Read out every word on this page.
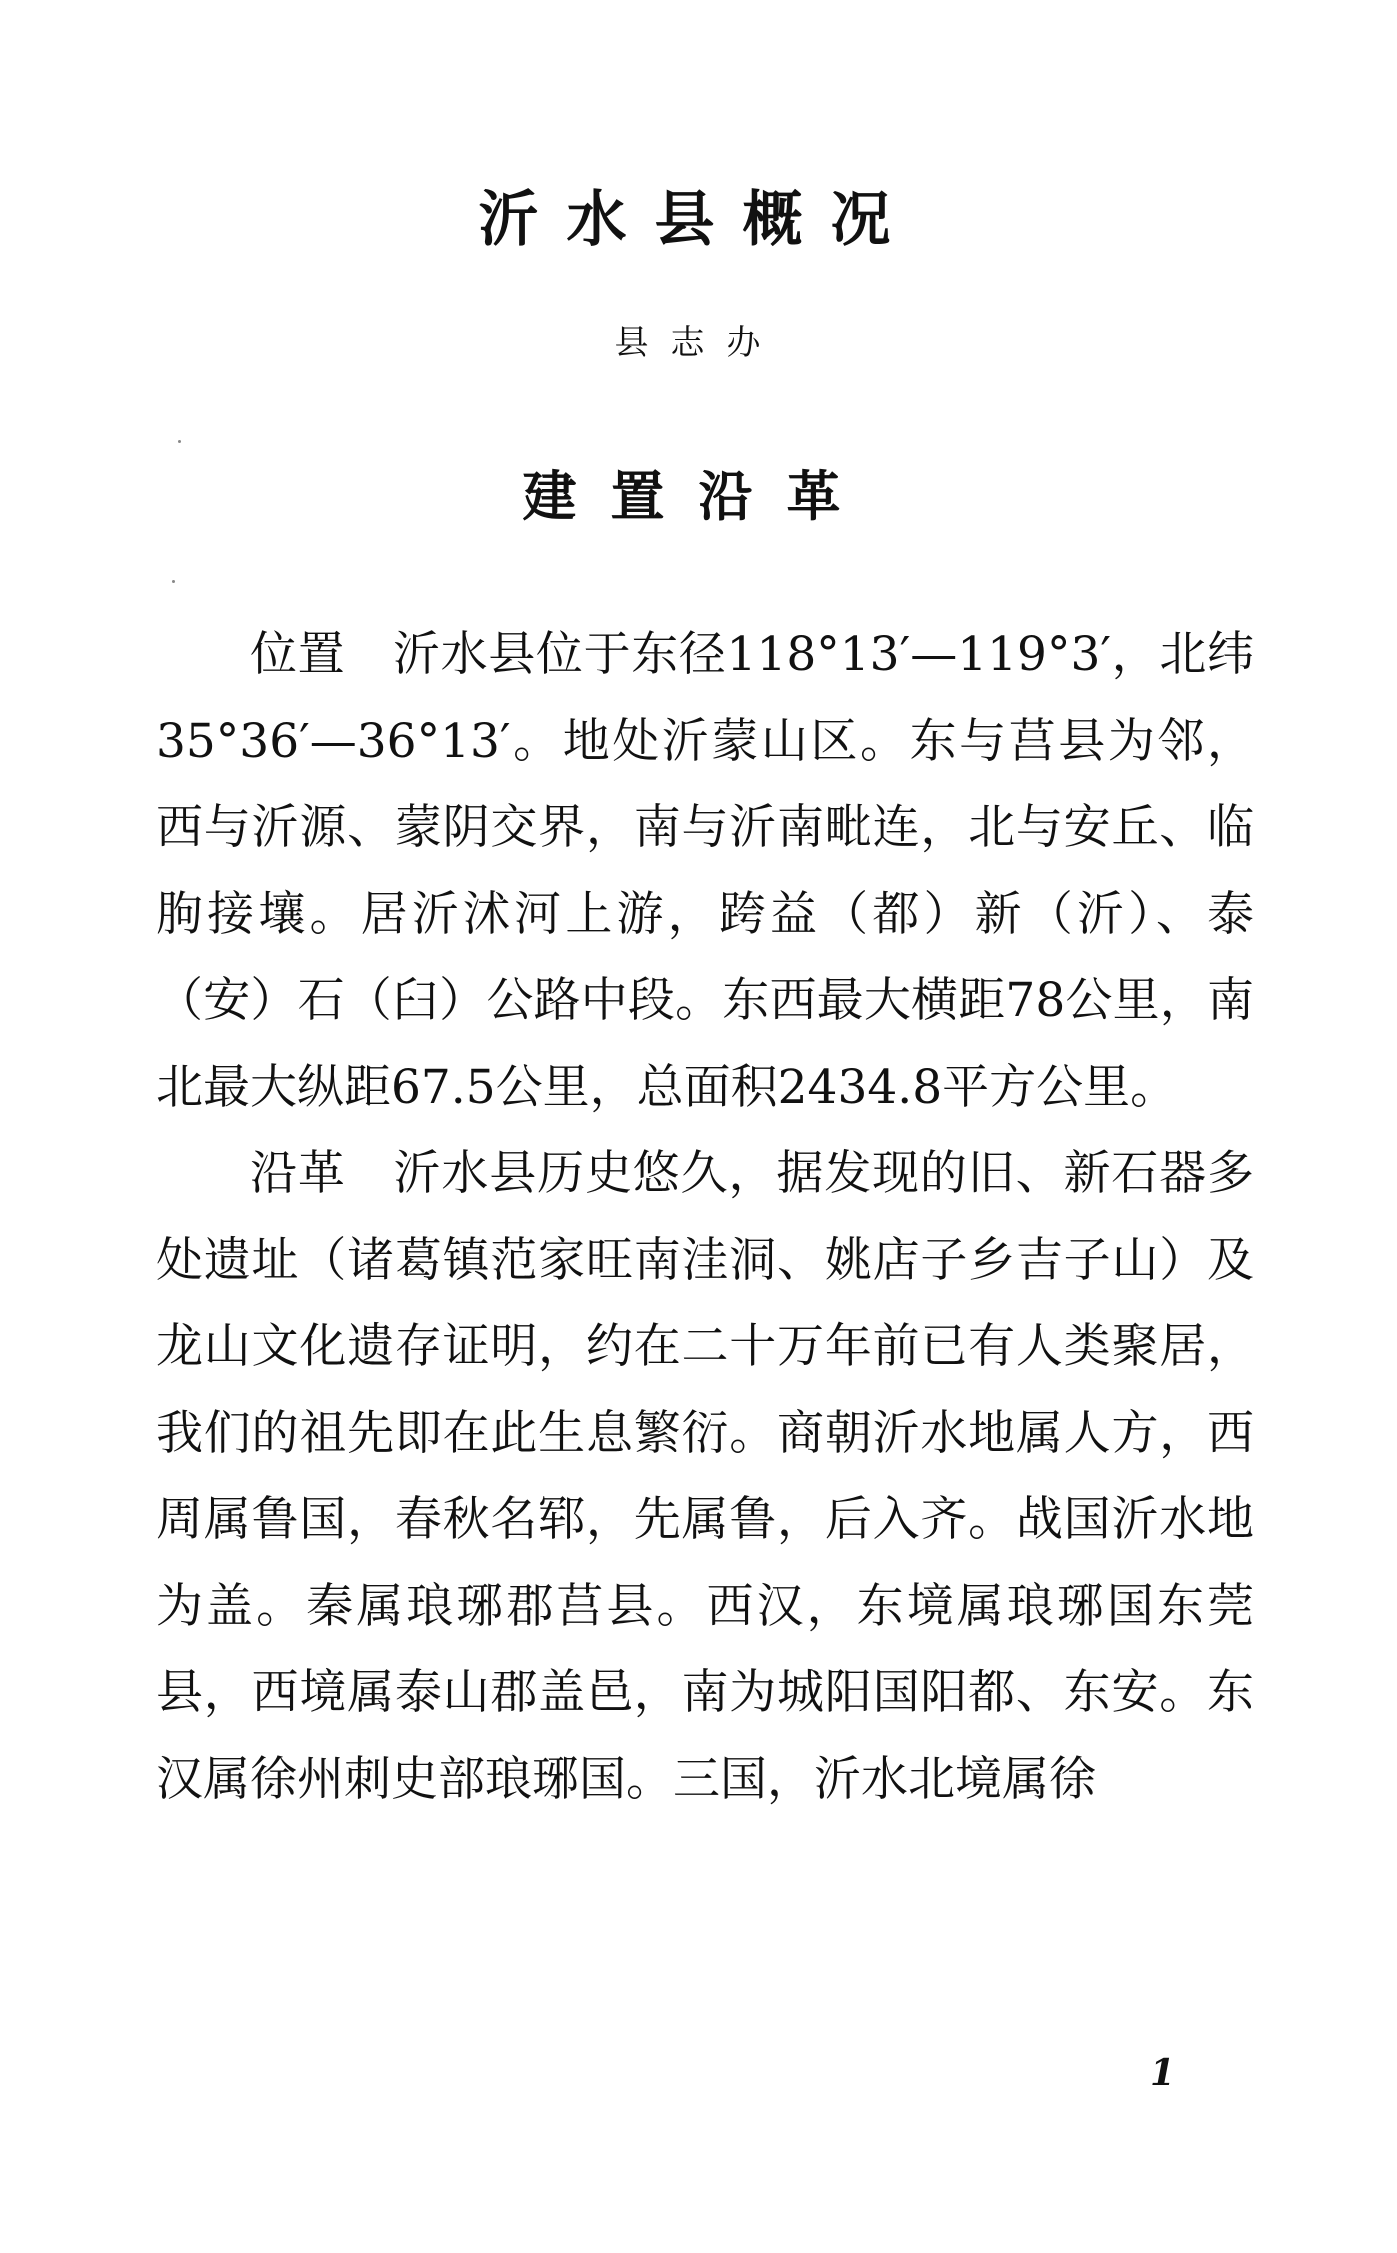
沂水县概况
县志办
建置沿革

位置 沂水县位于东径118°13′—119°3′，北纬35°36′—36°13′。地处沂蒙山区。东与莒县为邻，西与沂源、蒙阴交界，南与沂南毗连，北与安丘、临朐接壤。居沂沭河上游，跨益（都）新（沂）、泰（安）石（臼）公路中段。东西最大横距78公里，南北最大纵距67.5公里，总面积2434.8平方公里。

沿革 沂水县历史悠久，据发现的旧、新石器多处遗址（诸葛镇范家旺南洼洞、姚店子乡吉子山）及龙山文化遗存证明，约在二十万年前已有人类聚居，我们的祖先即在此生息繁衍。商朝沂水地属人方，西周属鲁国，春秋名郓，先属鲁，后入齐。战国沂水地为盖。秦属琅琊郡莒县。西汉，东境属琅琊国东莞县，西境属泰山郡盖邑，南为城阳国阳都、东安。东汉属徐州刺史部琅琊国。三国，沂水北境属徐

1
